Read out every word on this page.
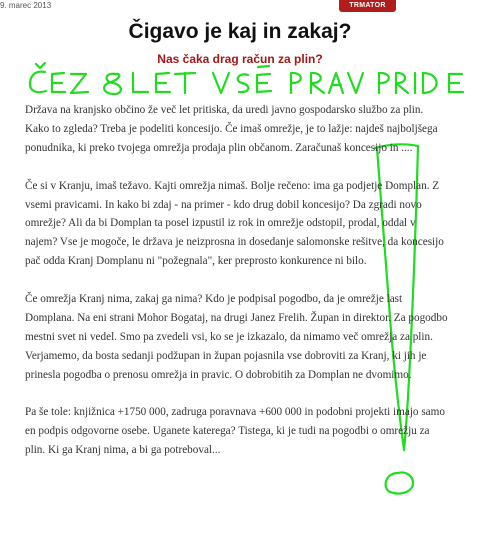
9. marec 2013	TRMATOR
Čigavo je kaj in zakaj?
Nas čaka drag račun za plin?

Država na kranjsko občino že več let pritiska, da uredi javno gospodarsko službo za plin. Kako to zgleda? Treba je podeliti koncesijo. Če imaš omrežje, je to lažje: najdeš najboljšega ponudnika, ki preko tvojega omrežja prodaja plin občanom. Zaračunaš koncesijo in ....

Če si v Kranju, imaš težavo. Kajti omrežja nimaš. Bolje rečeno: ima ga podjetje Domplan. Z vsemi pravicami. In kako bi zdaj - na primer - kdo drug dobil koncesijo? Da zgradi novo omrežje? Ali da bi Domplan ta posel izpustil iz rok in omrežje odstopil, prodal, oddal v najem? Vse je mogoče, le država je neizprosna in dosedanje salomonske rešitve, da koncesijo pač odda Kranj Domplanu ni "požegnala", ker preprosto konkurence ni bilo.

Če omrežja Kranj nima, zakaj ga nima? Kdo je podpisal pogodbo, da je omrežje last Domplana. Na eni strani Mohor Bogataj, na drugi Janez Frelih. Župan in direktor. Za pogodbo mestni svet ni vedel. Smo pa zvedeli vsi, ko se je izkazalo, da nimamo več omrežja za plin. Verjamemo, da bosta sedanji podžupan in župan pojasnila vse dobroviti za Kranj, ki jih je prinesla pogodba o prenosu omrežja in pravic. O dobrobitih za Domplan ne dvomimo.

Pa še tole: knjižnica +1750 000, zadruga poravnava +600 000 in podobni projekti imajo samo en podpis odgovorne osebe. Uganete katerega? Tistega, ki je tudi na pogodbi o omrežju za plin. Ki ga Kranj nima, a bi ga potreboval...
